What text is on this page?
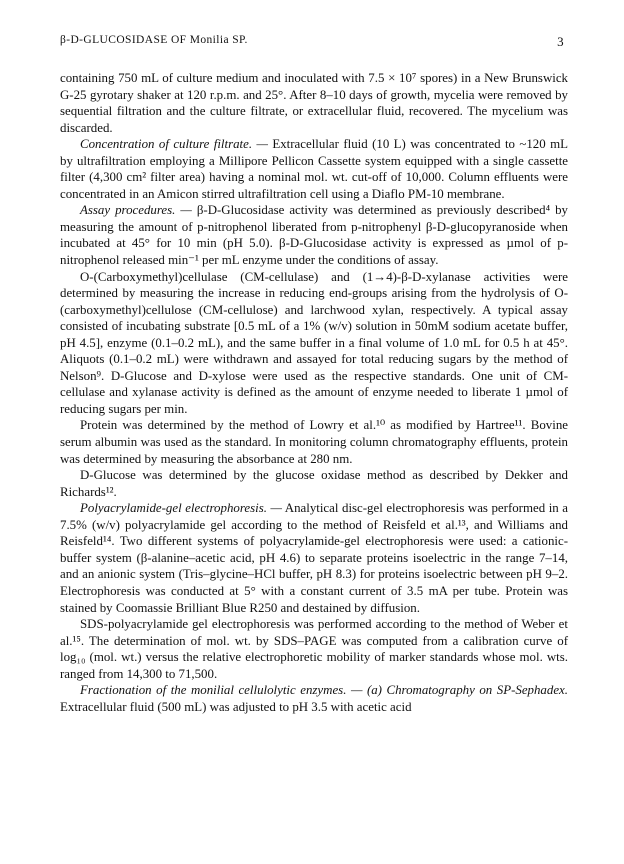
β-D-GLUCOSIDASE OF Monilia SP.	3

containing 750 mL of culture medium and inoculated with 7.5 × 10⁷ spores) in a New Brunswick G-25 gyrotary shaker at 120 r.p.m. and 25°. After 8–10 days of growth, mycelia were removed by sequential filtration and the culture filtrate, or extracellular fluid, recovered. The mycelium was discarded.

Concentration of culture filtrate. — Extracellular fluid (10 L) was concentrated to ~120 mL by ultrafiltration employing a Millipore Pellicon Cassette system equipped with a single cassette filter (4,300 cm² filter area) having a nominal mol. wt. cut-off of 10,000. Column effluents were concentrated in an Amicon stirred ultrafiltration cell using a Diaflo PM-10 membrane.

Assay procedures. — β-D-Glucosidase activity was determined as previously described⁴ by measuring the amount of p-nitrophenol liberated from p-nitrophenyl β-D-glucopyranoside when incubated at 45° for 10 min (pH 5.0). β-D-Glucosidase activity is expressed as µmol of p-nitrophenol released min⁻¹ per mL enzyme under the conditions of assay.

O-(Carboxymethyl)cellulase (CM-cellulase) and (1→4)-β-D-xylanase activities were determined by measuring the increase in reducing end-groups arising from the hydrolysis of O-(carboxymethyl)cellulose (CM-cellulose) and larchwood xylan, respectively. A typical assay consisted of incubating substrate [0.5 mL of a 1% (w/v) solution in 50mM sodium acetate buffer, pH 4.5], enzyme (0.1–0.2 mL), and the same buffer in a final volume of 1.0 mL for 0.5 h at 45°. Aliquots (0.1–0.2 mL) were withdrawn and assayed for total reducing sugars by the method of Nelson⁹. D-Glucose and D-xylose were used as the respective standards. One unit of CM-cellulase and xylanase activity is defined as the amount of enzyme needed to liberate 1 µmol of reducing sugars per min.

Protein was determined by the method of Lowry et al.¹⁰ as modified by Hartree¹¹. Bovine serum albumin was used as the standard. In monitoring column chromatography effluents, protein was determined by measuring the absorbance at 280 nm.

D-Glucose was determined by the glucose oxidase method as described by Dekker and Richards¹².

Polyacrylamide-gel electrophoresis. — Analytical disc-gel electrophoresis was performed in a 7.5% (w/v) polyacrylamide gel according to the method of Reisfeld et al.¹³, and Williams and Reisfeld¹⁴. Two different systems of polyacrylamide-gel electrophoresis were used: a cationic-buffer system (β-alanine–acetic acid, pH 4.6) to separate proteins isoelectric in the range 7–14, and an anionic system (Tris–glycine–HCl buffer, pH 8.3) for proteins isoelectric between pH 9–2. Electrophoresis was conducted at 5° with a constant current of 3.5 mA per tube. Protein was stained by Coomassie Brilliant Blue R250 and destained by diffusion.

SDS-polyacrylamide gel electrophoresis was performed according to the method of Weber et al.¹⁵. The determination of mol. wt. by SDS–PAGE was computed from a calibration curve of log₁₀ (mol. wt.) versus the relative electrophoretic mobility of marker standards whose mol. wts. ranged from 14,300 to 71,500.

Fractionation of the monilial cellulolytic enzymes. — (a) Chromatography on SP-Sephadex. Extracellular fluid (500 mL) was adjusted to pH 3.5 with acetic acid
